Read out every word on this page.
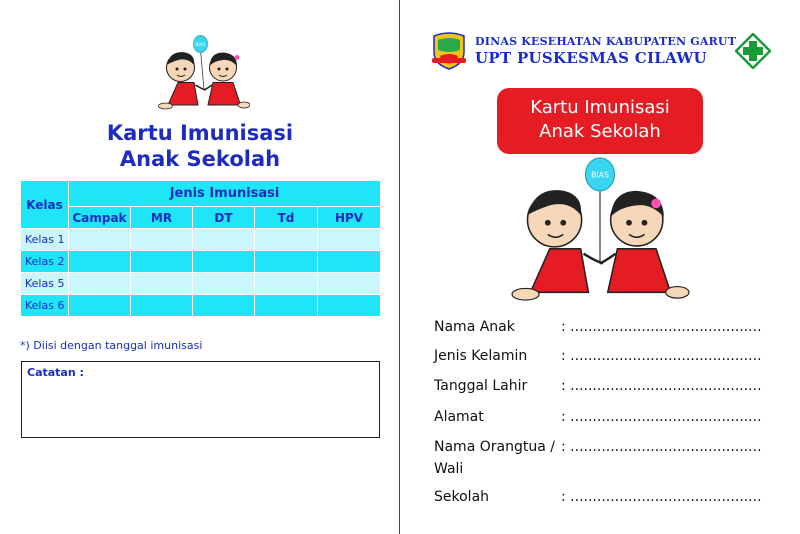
BIAS
Kartu Imunisasi
Anak Sekolah
Kelas	Jenis Imunisasi				
	Campak	MR	DT	Td	HPV
Kelas 1					
Kelas 2					
Kelas 5					
Kelas 6					
*) Diisi dengan tanggal imunisasi
Catatan :
DINAS KESEHATAN KABUPATEN GARUT
UPT PUSKESMAS CILAWU
Kartu Imunisasi
Anak Sekolah
BIAS
Nama Anak	: ...........................................
Jenis Kelamin	: ...........................................
Tanggal Lahir	: ...........................................
Alamat	: ...........................................
Nama Orangtua / Wali
: ...........................................
Sekolah	: ...........................................
